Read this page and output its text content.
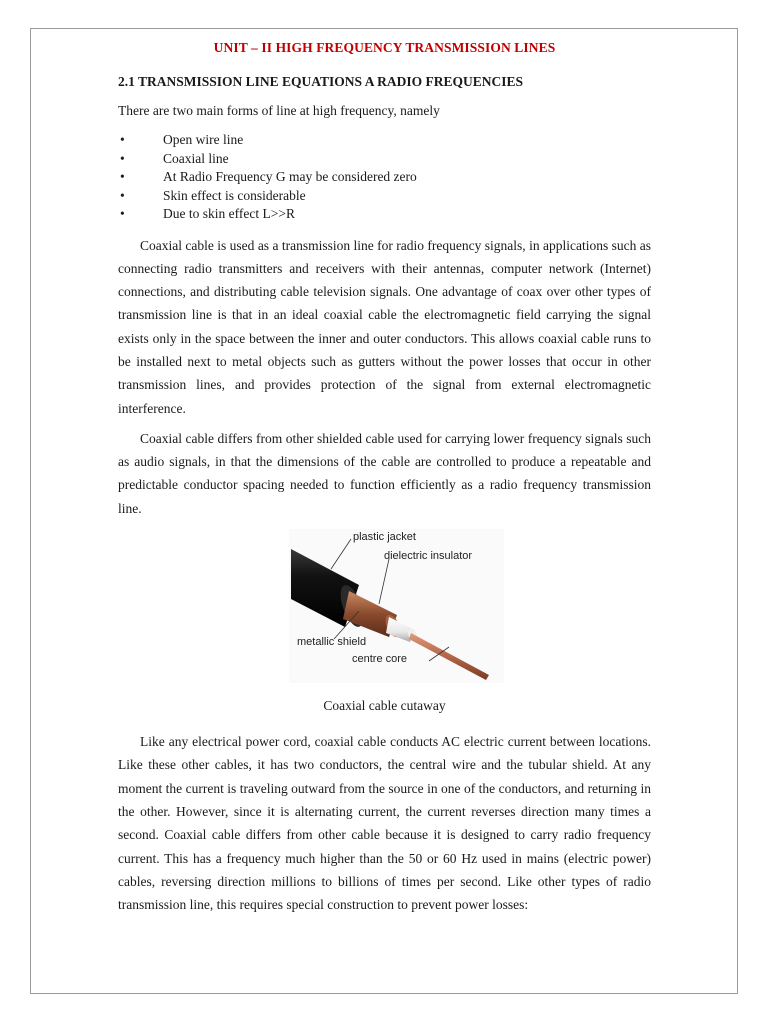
UNIT – II HIGH FREQUENCY TRANSMISSION LINES
2.1 TRANSMISSION LINE EQUATIONS A RADIO FREQUENCIES
There are two main forms of line at high frequency, namely
•	Open wire line
•	Coaxial line
•	At Radio Frequency G may be considered zero
•	Skin effect is considerable
•	Due to skin effect L>>R

Coaxial cable is used as a transmission line for radio frequency signals, in applications such as connecting radio transmitters and receivers with their antennas, computer network (Internet) connections, and distributing cable television signals. One advantage of coax over other types of transmission line is that in an ideal coaxial cable the electromagnetic field carrying the signal exists only in the space between the inner and outer conductors. This allows coaxial cable runs to be installed next to metal objects such as gutters without the power losses that occur in other transmission lines, and provides protection of the signal from external electromagnetic interference.

Coaxial cable differs from other shielded cable used for carrying lower frequency signals such as audio signals, in that the dimensions of the cable are controlled to produce a repeatable and predictable conductor spacing needed to function efficiently as a radio frequency transmission line.

plastic jacket
dielectric insulator
metallic shield
centre core
Coaxial cable cutaway

Like any electrical power cord, coaxial cable conducts AC electric current between locations. Like these other cables, it has two conductors, the central wire and the tubular shield. At any moment the current is traveling outward from the source in one of the conductors, and returning in the other. However, since it is alternating current, the current reverses direction many times a second. Coaxial cable differs from other cable because it is designed to carry radio frequency current. This has a frequency much higher than the 50 or 60 Hz used in mains (electric power) cables, reversing direction millions to billions of times per second. Like other types of radio transmission line, this requires special construction to prevent power losses:
